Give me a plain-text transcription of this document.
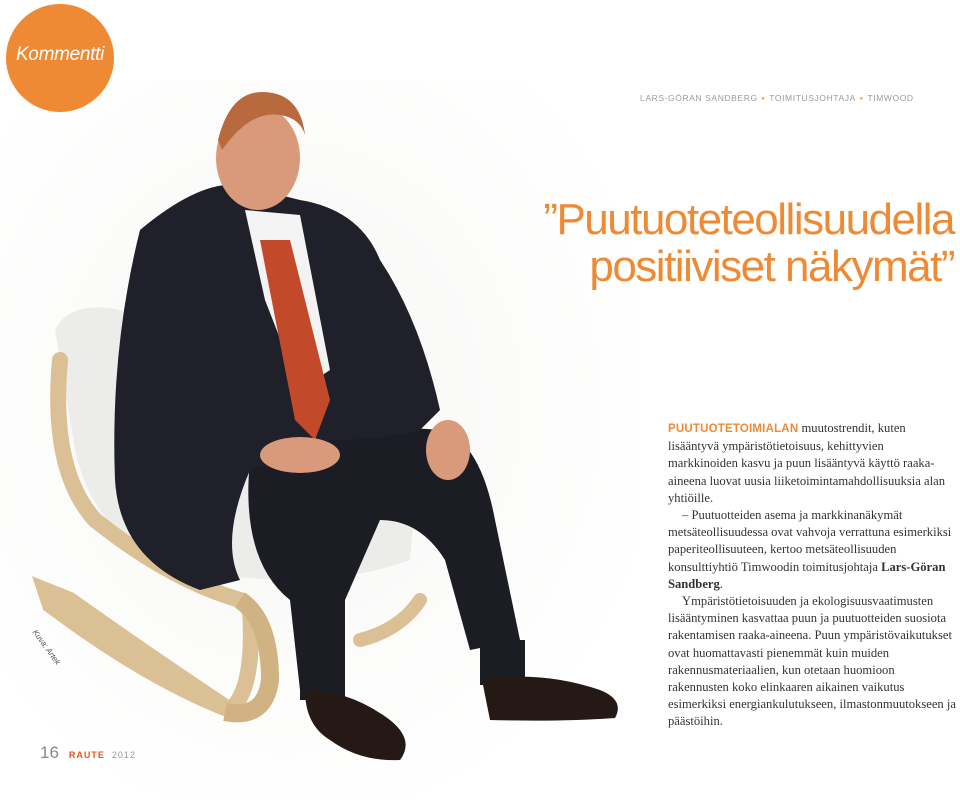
Kommentti
LARS-GÖRAN SANDBERG • TOIMITUSJOHTAJA • TIMWOOD
”Puutuoteteollisuudella
positiiviset näkymät”

PUUTUOTETOIMIALAN muutostrendit, kuten lisääntyvä ympäristötietoisuus, kehittyvien markkinoiden kasvu ja puun lisääntyvä käyttö raaka-aineena luovat uusia liiketoimintamahdollisuuksia alan yhtiöille.

– Puutuotteiden asema ja markkinanäkymät metsäteollisuudessa ovat vahvoja verrattuna esimerkiksi paperiteollisuuteen, kertoo metsäteollisuuden konsulttiyhtiö Timwoodin toimitusjohtaja Lars-Göran Sandberg.

Ympäristötietoisuuden ja ekologisuusvaatimusten lisääntyminen kasvattaa puun ja puutuotteiden suosiota rakentamisen raaka-aineena. Puun ympäristövaikutukset ovat huomattavasti pienemmät kuin muiden rakennusmateriaalien, kun otetaan huomioon rakennusten koko elinkaaren aikainen vaikutus esimerkiksi energiankulutukseen, ilmastonmuutokseen ja päästöihin.

Kuva: Artek
16 RAUTE 2012
